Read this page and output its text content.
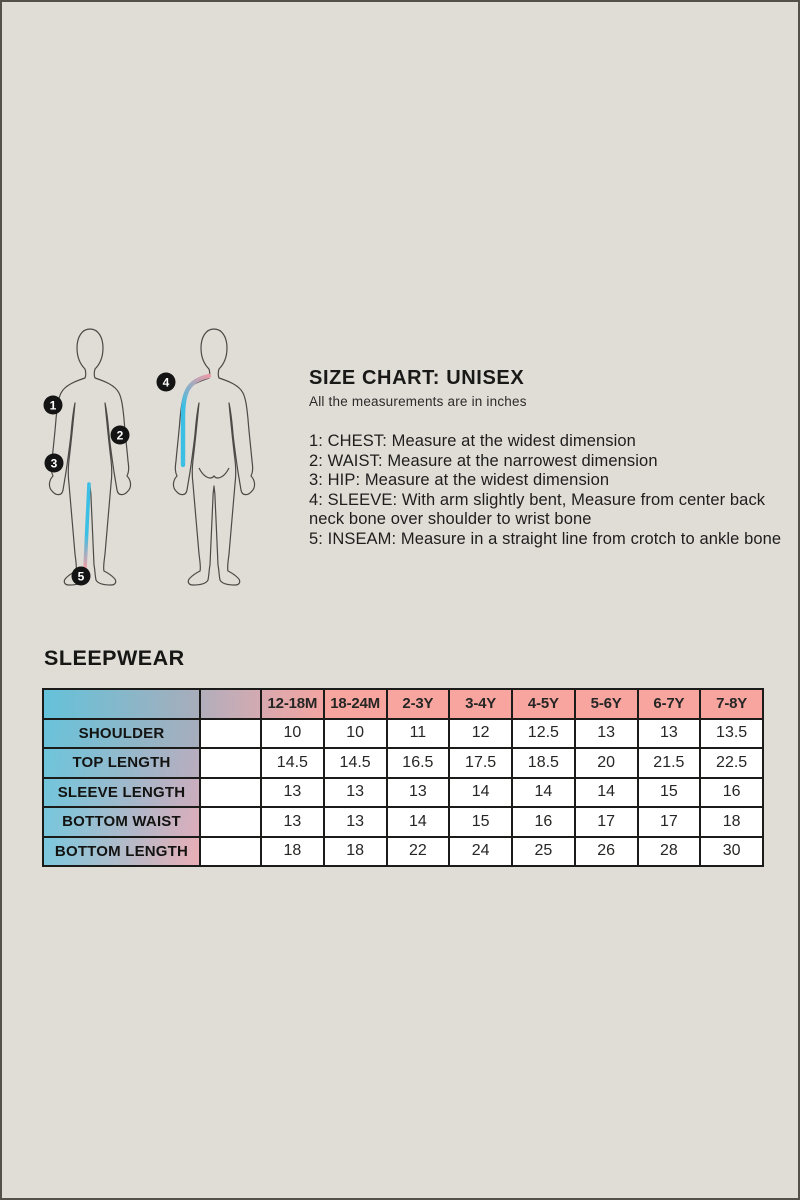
1
2
3
4
5
SIZE CHART: UNISEX
All the measurements are in inches
1: CHEST: Measure at the widest dimension
2: WAIST: Measure at the narrowest dimension
3: HIP: Measure at the widest dimension
4: SLEEVE: With arm slightly bent, Measure from center back neck bone over shoulder to wrist bone
5: INSEAM: Measure in a straight line from crotch to ankle bone
SLEEPWEAR
		12-18M	18-24M	2-3Y	3-4Y	4-5Y	5-6Y	6-7Y	7-8Y
SHOULDER		10	10	11	12	12.5	13	13	13.5
TOP LENGTH		14.5	14.5	16.5	17.5	18.5	20	21.5	22.5
SLEEVE LENGTH		13	13	13	14	14	14	15	16
BOTTOM WAIST		13	13	14	15	16	17	17	18
BOTTOM LENGTH		18	18	22	24	25	26	28	30
